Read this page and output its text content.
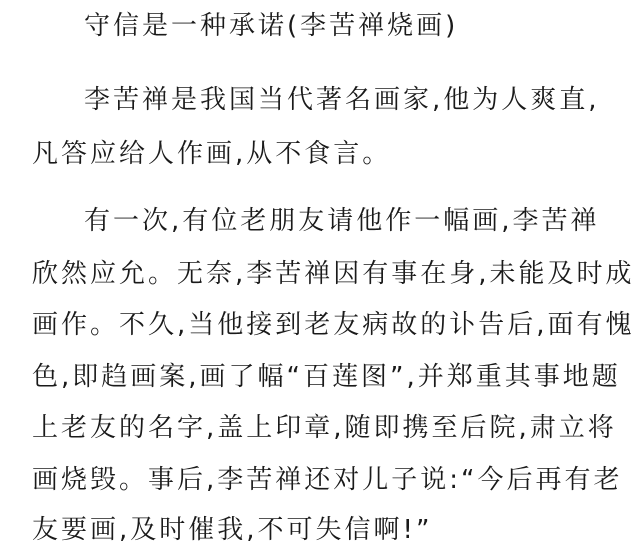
守信是一种承诺(李苦禅烧画)
李苦禅是我国当代著名画家,他为人爽直,
凡答应给人作画,从不食言。
有一次,有位老朋友请他作一幅画,李苦禅
欣然应允。无奈,李苦禅因有事在身,未能及时成
画作。不久,当他接到老友病故的讣告后,面有愧
色,即趋画案,画了幅“百莲图”,并郑重其事地题
上老友的名字,盖上印章,随即携至后院,肃立将
画烧毁。事后,李苦禅还对儿子说:“今后再有老
友要画,及时催我,不可失信啊!”
